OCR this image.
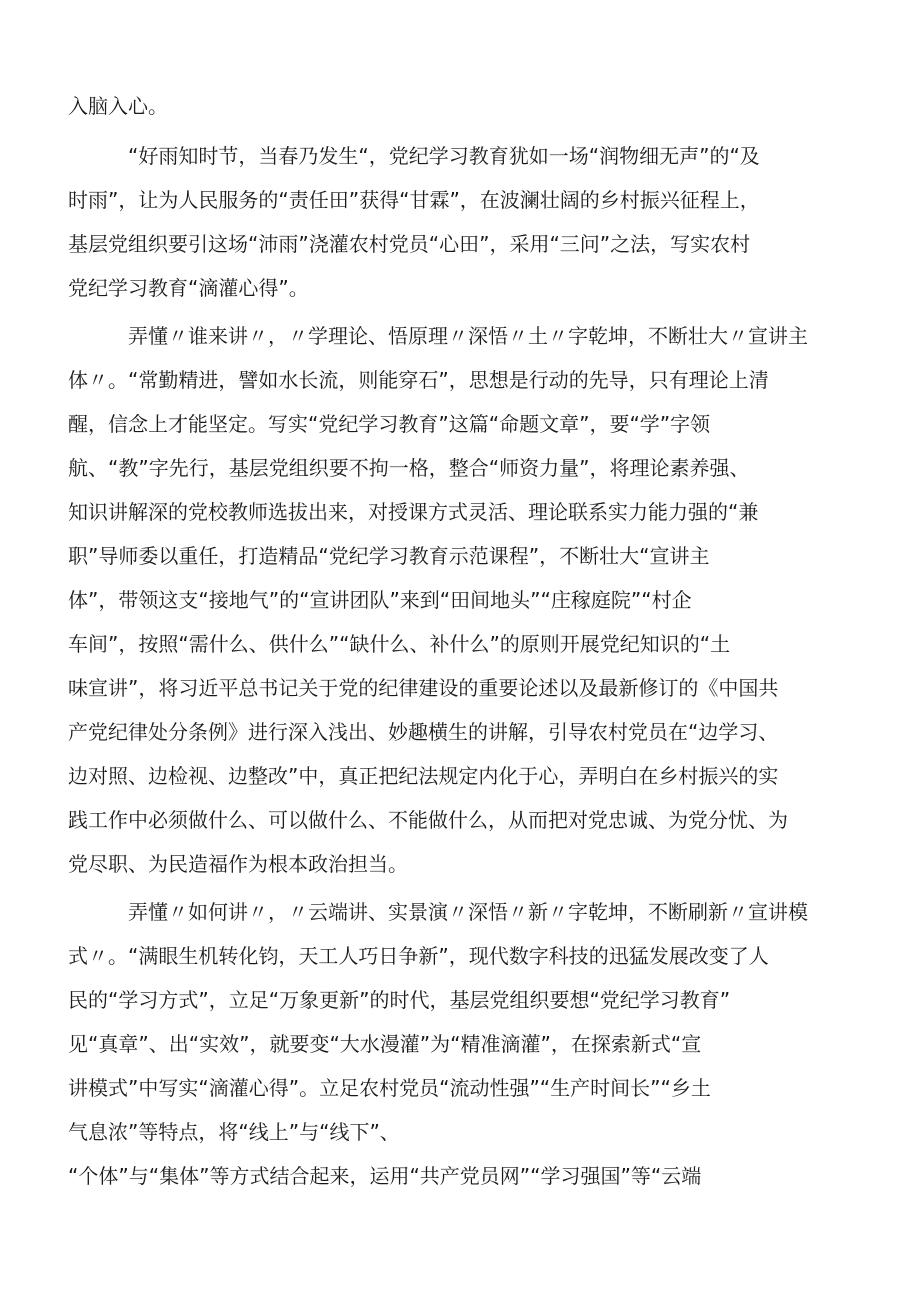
入脑入心。
“好雨知时节，当春乃发生“，党纪学习教育犹如一场“润物细无声”的“及
时雨”，让为人民服务的“责任田”获得“甘霖”，在波澜壮阔的乡村振兴征程上，
基层党组织要引这场“沛雨”浇灌农村党员“心田”，采用“三问”之法，写实农村
党纪学习教育“滴灌心得”。
弄懂〃谁来讲〃，〃学理论、悟原理〃深悟〃土〃字乾坤，不断壮大〃宣讲主
体〃。“常勤精进，譬如水长流，则能穿石”，思想是行动的先导，只有理论上清
醒，信念上才能坚定。写实“党纪学习教育”这篇“命题文章”，要“学”字领
航、“教”字先行，基层党组织要不拘一格，整合“师资力量”，将理论素养强、
知识讲解深的党校教师选拔出来，对授课方式灵活、理论联系实力能力强的“兼
职”导师委以重任，打造精品“党纪学习教育示范课程”，不断壮大“宣讲主
体”，带领这支“接地气”的“宣讲团队”来到“田间地头”“庄稼庭院”“村企
车间”，按照“需什么、供什么”“缺什么、补什么”的原则开展党纪知识的“土
味宣讲”，将习近平总书记关于党的纪律建设的重要论述以及最新修订的《中国共
产党纪律处分条例》进行深入浅出、妙趣横生的讲解，引导农村党员在“边学习、
边对照、边检视、边整改”中，真正把纪法规定内化于心，弄明白在乡村振兴的实
践工作中必须做什么、可以做什么、不能做什么，从而把对党忠诚、为党分忧、为
党尽职、为民造福作为根本政治担当。
弄懂〃如何讲〃，〃云端讲、实景演〃深悟〃新〃字乾坤，不断刷新〃宣讲模
式〃。“满眼生机转化钧，天工人巧日争新”，现代数字科技的迅猛发展改变了人
民的“学习方式”，立足“万象更新”的时代，基层党组织要想“党纪学习教育”
见“真章”、出“实效”，就要变“大水漫灌”为“精准滴灌”，在探索新式“宣
讲模式”中写实“滴灌心得”。立足农村党员“流动性强”“生产时间长”“乡土
气息浓”等特点，将“线上”与“线下”、
“个体”与“集体”等方式结合起来，运用“共产党员网”“学习强国”等“云端
